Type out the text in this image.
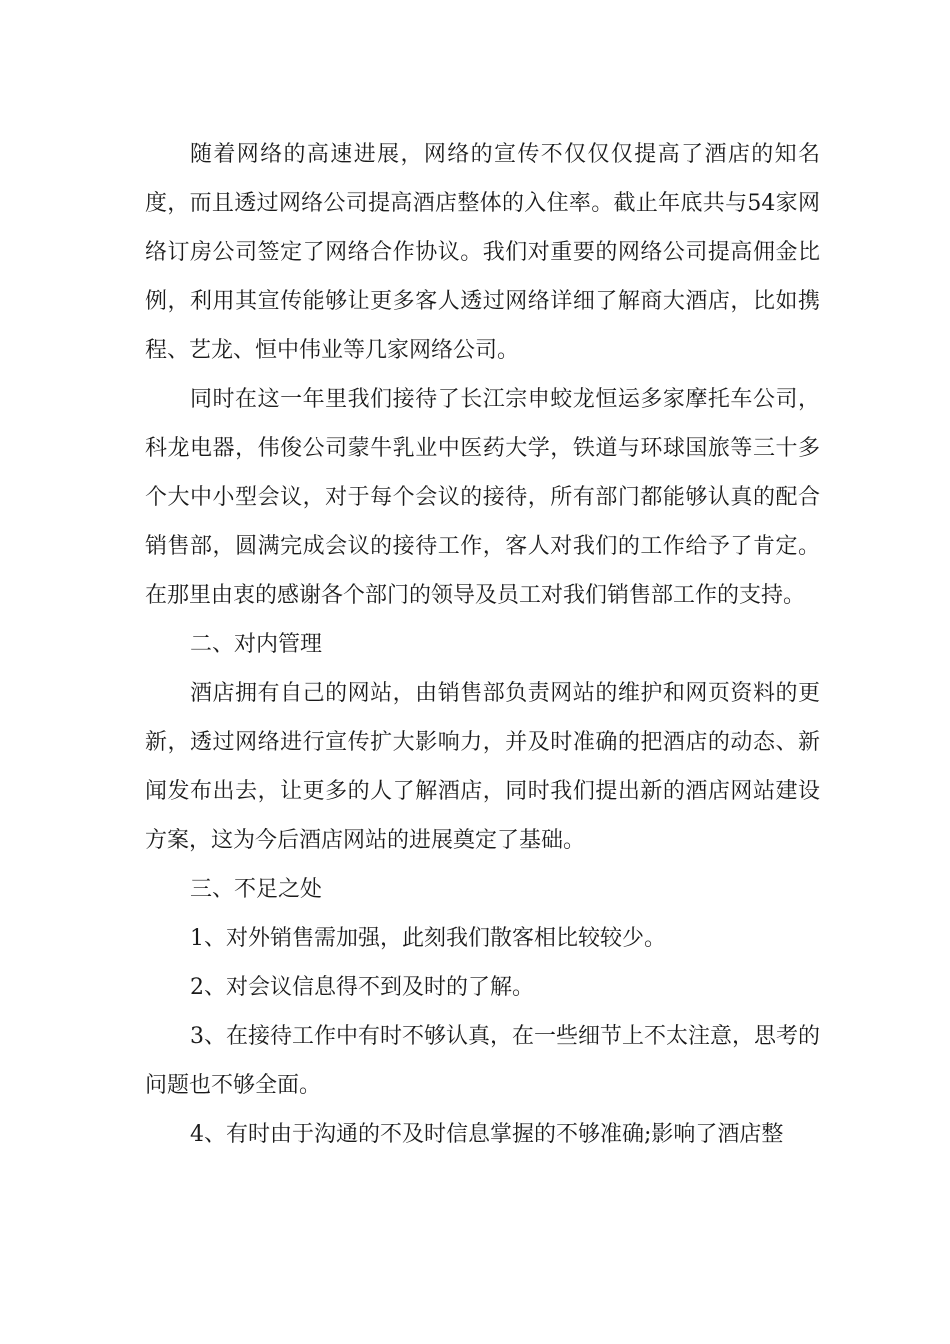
随着网络的高速进展，网络的宣传不仅仅仅提高了酒店的知名度，而且透过网络公司提高酒店整体的入住率。截止年底共与54家网络订房公司签定了网络合作协议。我们对重要的网络公司提高佣金比例，利用其宣传能够让更多客人透过网络详细了解商大酒店，比如携程、艺龙、恒中伟业等几家网络公司。

同时在这一年里我们接待了长江宗申蛟龙恒运多家摩托车公司，科龙电器，伟俊公司蒙牛乳业中医药大学，铁道与环球国旅等三十多个大中小型会议，对于每个会议的接待，所有部门都能够认真的配合销售部，圆满完成会议的接待工作，客人对我们的工作给予了肯定。在那里由衷的感谢各个部门的领导及员工对我们销售部工作的支持。

二、对内管理

酒店拥有自己的网站，由销售部负责网站的维护和网页资料的更新，透过网络进行宣传扩大影响力，并及时准确的把酒店的动态、新闻发布出去，让更多的人了解酒店，同时我们提出新的酒店网站建设方案，这为今后酒店网站的进展奠定了基础。

三、不足之处

1、对外销售需加强，此刻我们散客相比较较少。

2、对会议信息得不到及时的了解。

3、在接待工作中有时不够认真，在一些细节上不太注意，思考的问题也不够全面。

4、有时由于沟通的不及时信息掌握的不够准确;影响了酒店整
